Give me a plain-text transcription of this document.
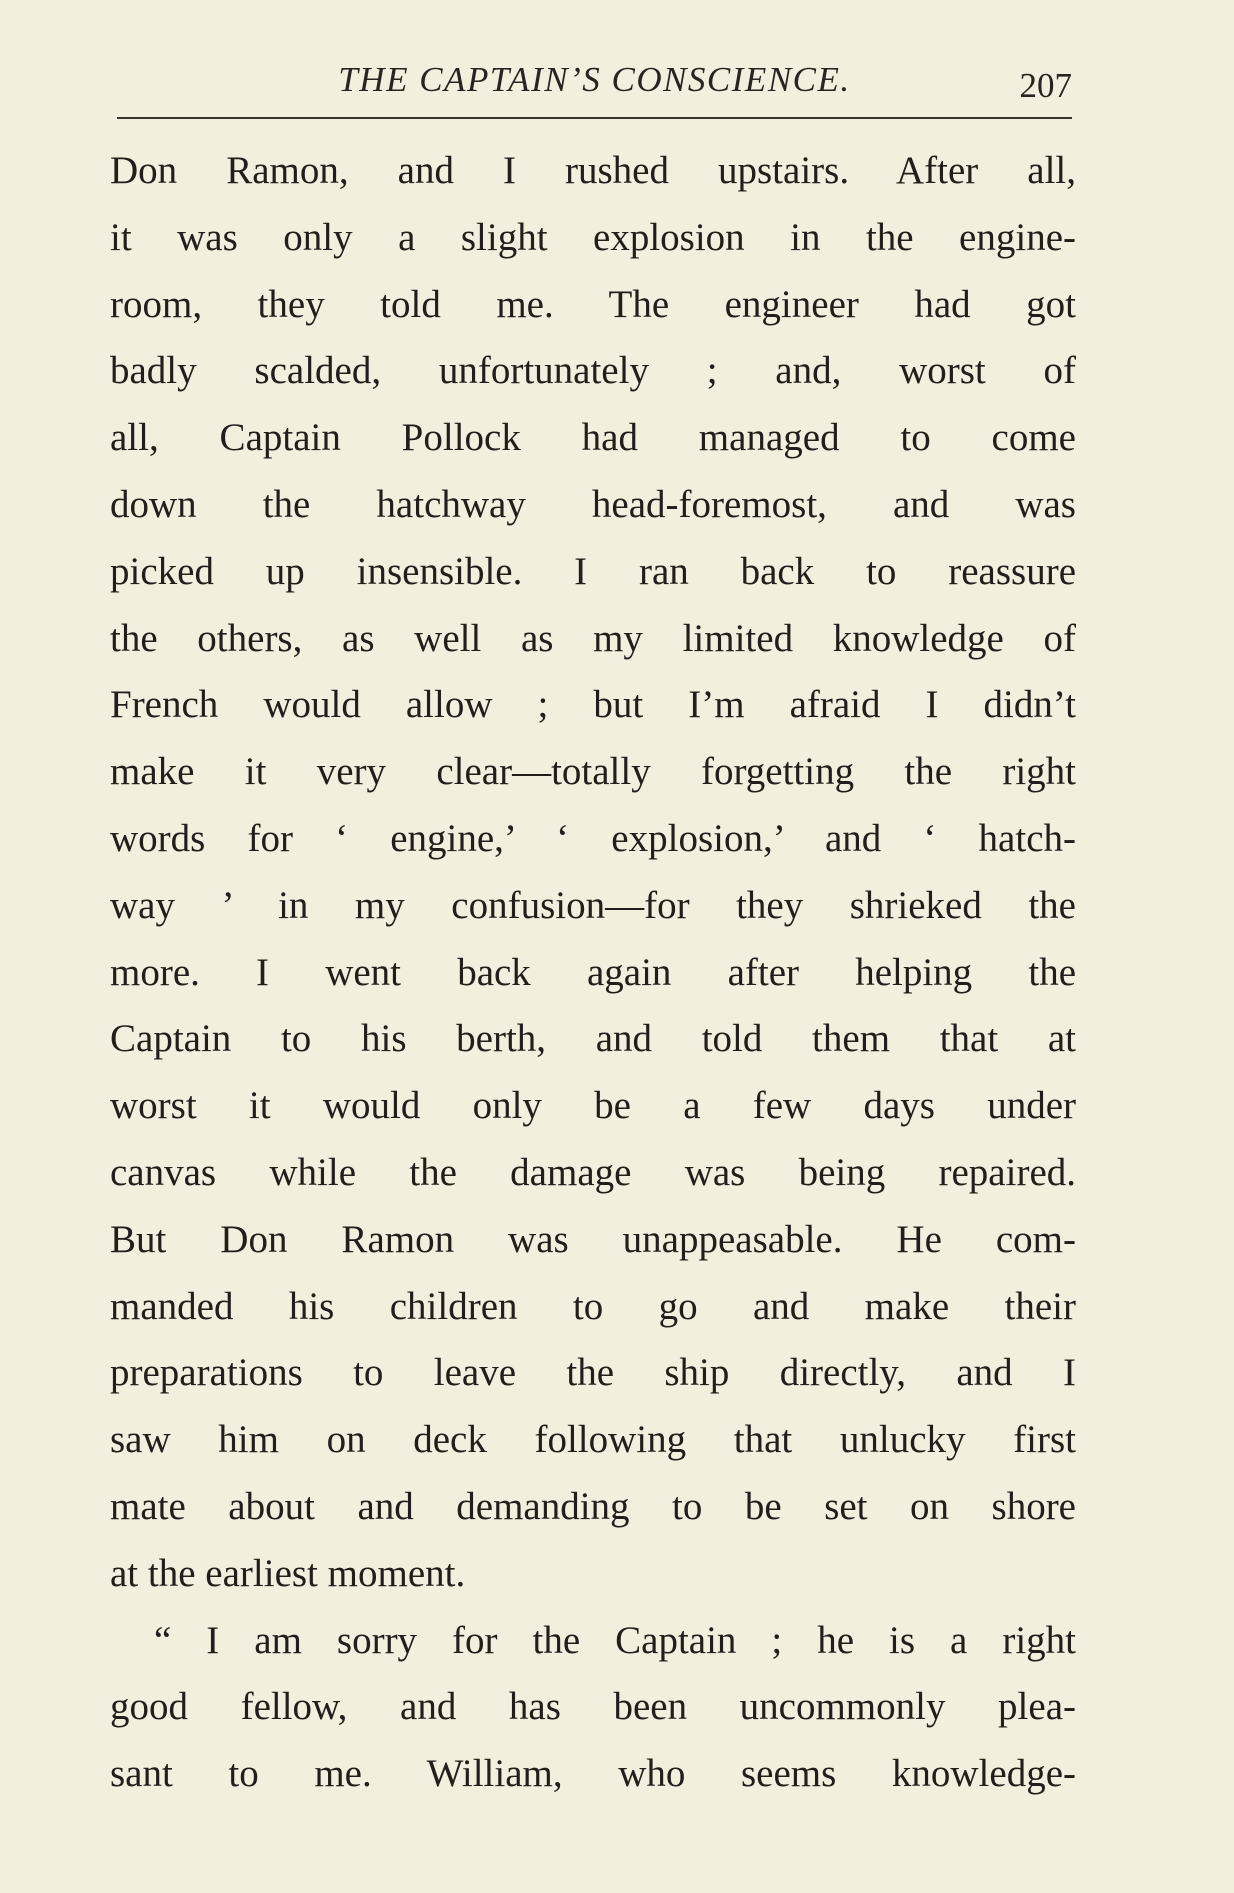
THE CAPTAIN’S CONSCIENCE.	207
Don Ramon, and I rushed upstairs. After all,
it was only a slight explosion in the engine-
room, they told me. The engineer had got
badly scalded, unfortunately ; and, worst of
all, Captain Pollock had managed to come
down the hatchway head-foremost, and was
picked up insensible. I ran back to reassure
the others, as well as my limited knowledge of
French would allow ; but I’m afraid I didn’t
make it very clear—totally forgetting the right
words for ‘ engine,’ ‘ explosion,’ and ‘ hatch-
way ’ in my confusion—for they shrieked the
more. I went back again after helping the
Captain to his berth, and told them that at
worst it would only be a few days under
canvas while the damage was being repaired.
But Don Ramon was unappeasable. He com-
manded his children to go and make their
preparations to leave the ship directly, and I
saw him on deck following that unlucky first
mate about and demanding to be set on shore
at the earliest moment.
“ I am sorry for the Captain ; he is a right
good fellow, and has been uncommonly plea-
sant to me. William, who seems knowledge-
